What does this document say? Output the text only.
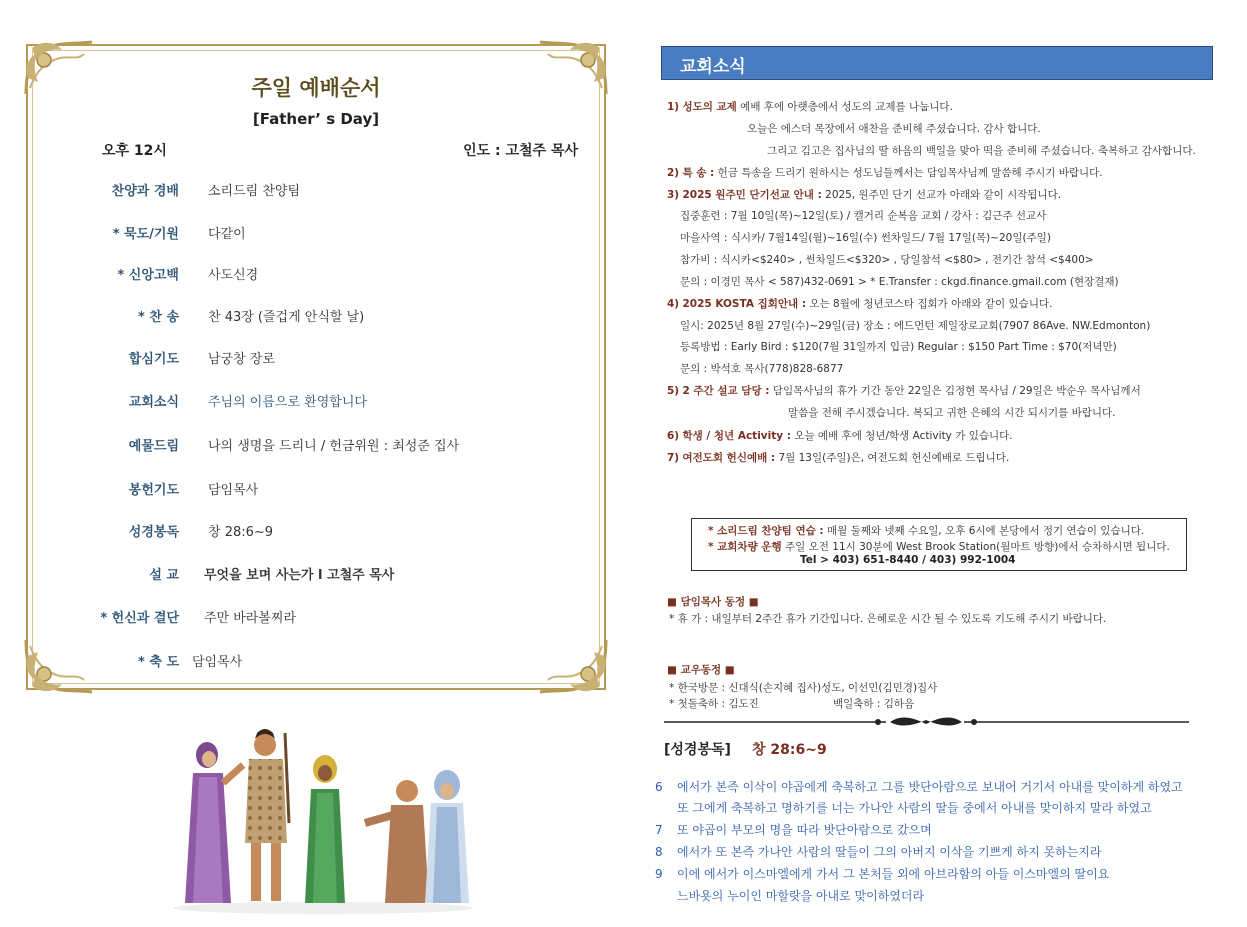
주일 예배순서
[Father’ s Day]
오후 12시	인도 : 고철주 목사
찬양과 경배 소리드림 찬양팀
* 묵도/기원 다같이
* 신앙고백 사도신경
* 찬 송 찬 43장 (즐겁게 안식할 날)
합심기도 남궁창 장로
교회소식 주님의 이름으로 환영합니다
예물드림 나의 생명을 드리니 / 헌금위원 : 최성준 집사
봉헌기도 담임목사
성경봉독 창 28:6~9
설 교 무엇을 보며 사는가 l 고철주 목사
* 헌신과 결단 주만 바라볼찌라
* 축 도 담임목사
교회소식
1) 성도의 교제 예배 후에 아랫층에서 성도의 교제를 나눕니다.
오늘은 에스더 목장에서 애찬을 준비해 주셨습니다. 감사 합니다.
그리고 김고은 집사님의 딸 하음의 백일을 맞아 떡을 준비해 주셨습니다. 축복하고 감사합니다.
2) 특 송 : 헌금 특송을 드리기 원하시는 성도님들께서는 담임목사님께 말씀해 주시기 바랍니다.
3) 2025 원주민 단기선교 안내 : 2025, 원주민 단기 선교가 아래와 같이 시작됩니다.
집중훈련 : 7월 10일(목)~12일(토) / 캘거리 순복음 교회 / 강사 : 김근주 선교사
마을사역 : 식시카/ 7월14일(월)~16일(수) 썬차일드/ 7월 17일(목)~20일(주일)
참가비 : 식시카<$240> , 썬차일드<$320> , 당일참석 <$80> , 전기간 참석 <$400>
문의 : 이경민 목사 < 587)432-0691 > * E.Transfer : ckgd.finance.gmail.com (현장결재)
4) 2025 KOSTA 집회안내 : 오는 8월에 청년코스타 집회가 아래와 같이 있습니다.
일시: 2025년 8월 27일(수)~29일(금) 장소 : 에드먼턴 제일장로교회(7907 86Ave. NW.Edmonton)
등록방법 : Early Bird : $120(7월 31일까지 입금) Regular : $150 Part Time : $70(저녁만)
문의 : 박석호 목사(778)828-6877
5) 2 주간 설교 담당 : 담임목사님의 휴가 기간 동안 22일은 김정현 목사님 / 29일은 박순우 목사님께서
말씀을 전해 주시겠습니다. 복되고 귀한 은혜의 시간 되시기를 바랍니다.
6) 학생 / 청년 Activity : 오늘 예배 후에 청년/학생 Activity 가 있습니다.
7) 여전도회 헌신예배 : 7월 13일(주일)은, 여전도회 헌신예배로 드립니다.
* 소리드림 찬양팀 연습 : 매월 둘째와 넷째 수요일, 오후 6시에 본당에서 정기 연습이 있습니다.
* 교회차량 운행 주일 오전 11시 30분에 West Brook Station(월마트 방향)에서 승차하시면 됩니다.
Tel > 403) 651-8440 / 403) 992-1004
■ 담임목사 동정 ■
* 휴 가 : 내일부터 2주간 휴가 기간입니다. 은혜로운 시간 될 수 있도록 기도해 주시기 바랍니다.
■ 교우동정 ■
* 한국방문 : 신대식(손지혜 집사)성도, 이선민(김민경)집사
* 첫돌축하 : 김도진	백일축하 : 김하음
[성경봉독] 창 28:6~9
6 에서가 본즉 이삭이 야곱에게 축복하고 그를 밧단아람으로 보내어 거기서 아내를 맞이하게 하였고
또 그에게 축복하고 명하기를 너는 가나안 사람의 딸들 중에서 아내를 맞이하지 말라 하였고
7 또 야곱이 부모의 명을 따라 밧단아람으로 갔으며
8 에서가 또 본즉 가나안 사람의 딸들이 그의 아버지 이삭을 기쁘게 하지 못하는지라
9 이에 에서가 이스마엘에게 가서 그 본처들 외에 아브라함의 아들 이스마엘의 딸이요
느바욧의 누이인 마할랏을 아내로 맞이하였더라
